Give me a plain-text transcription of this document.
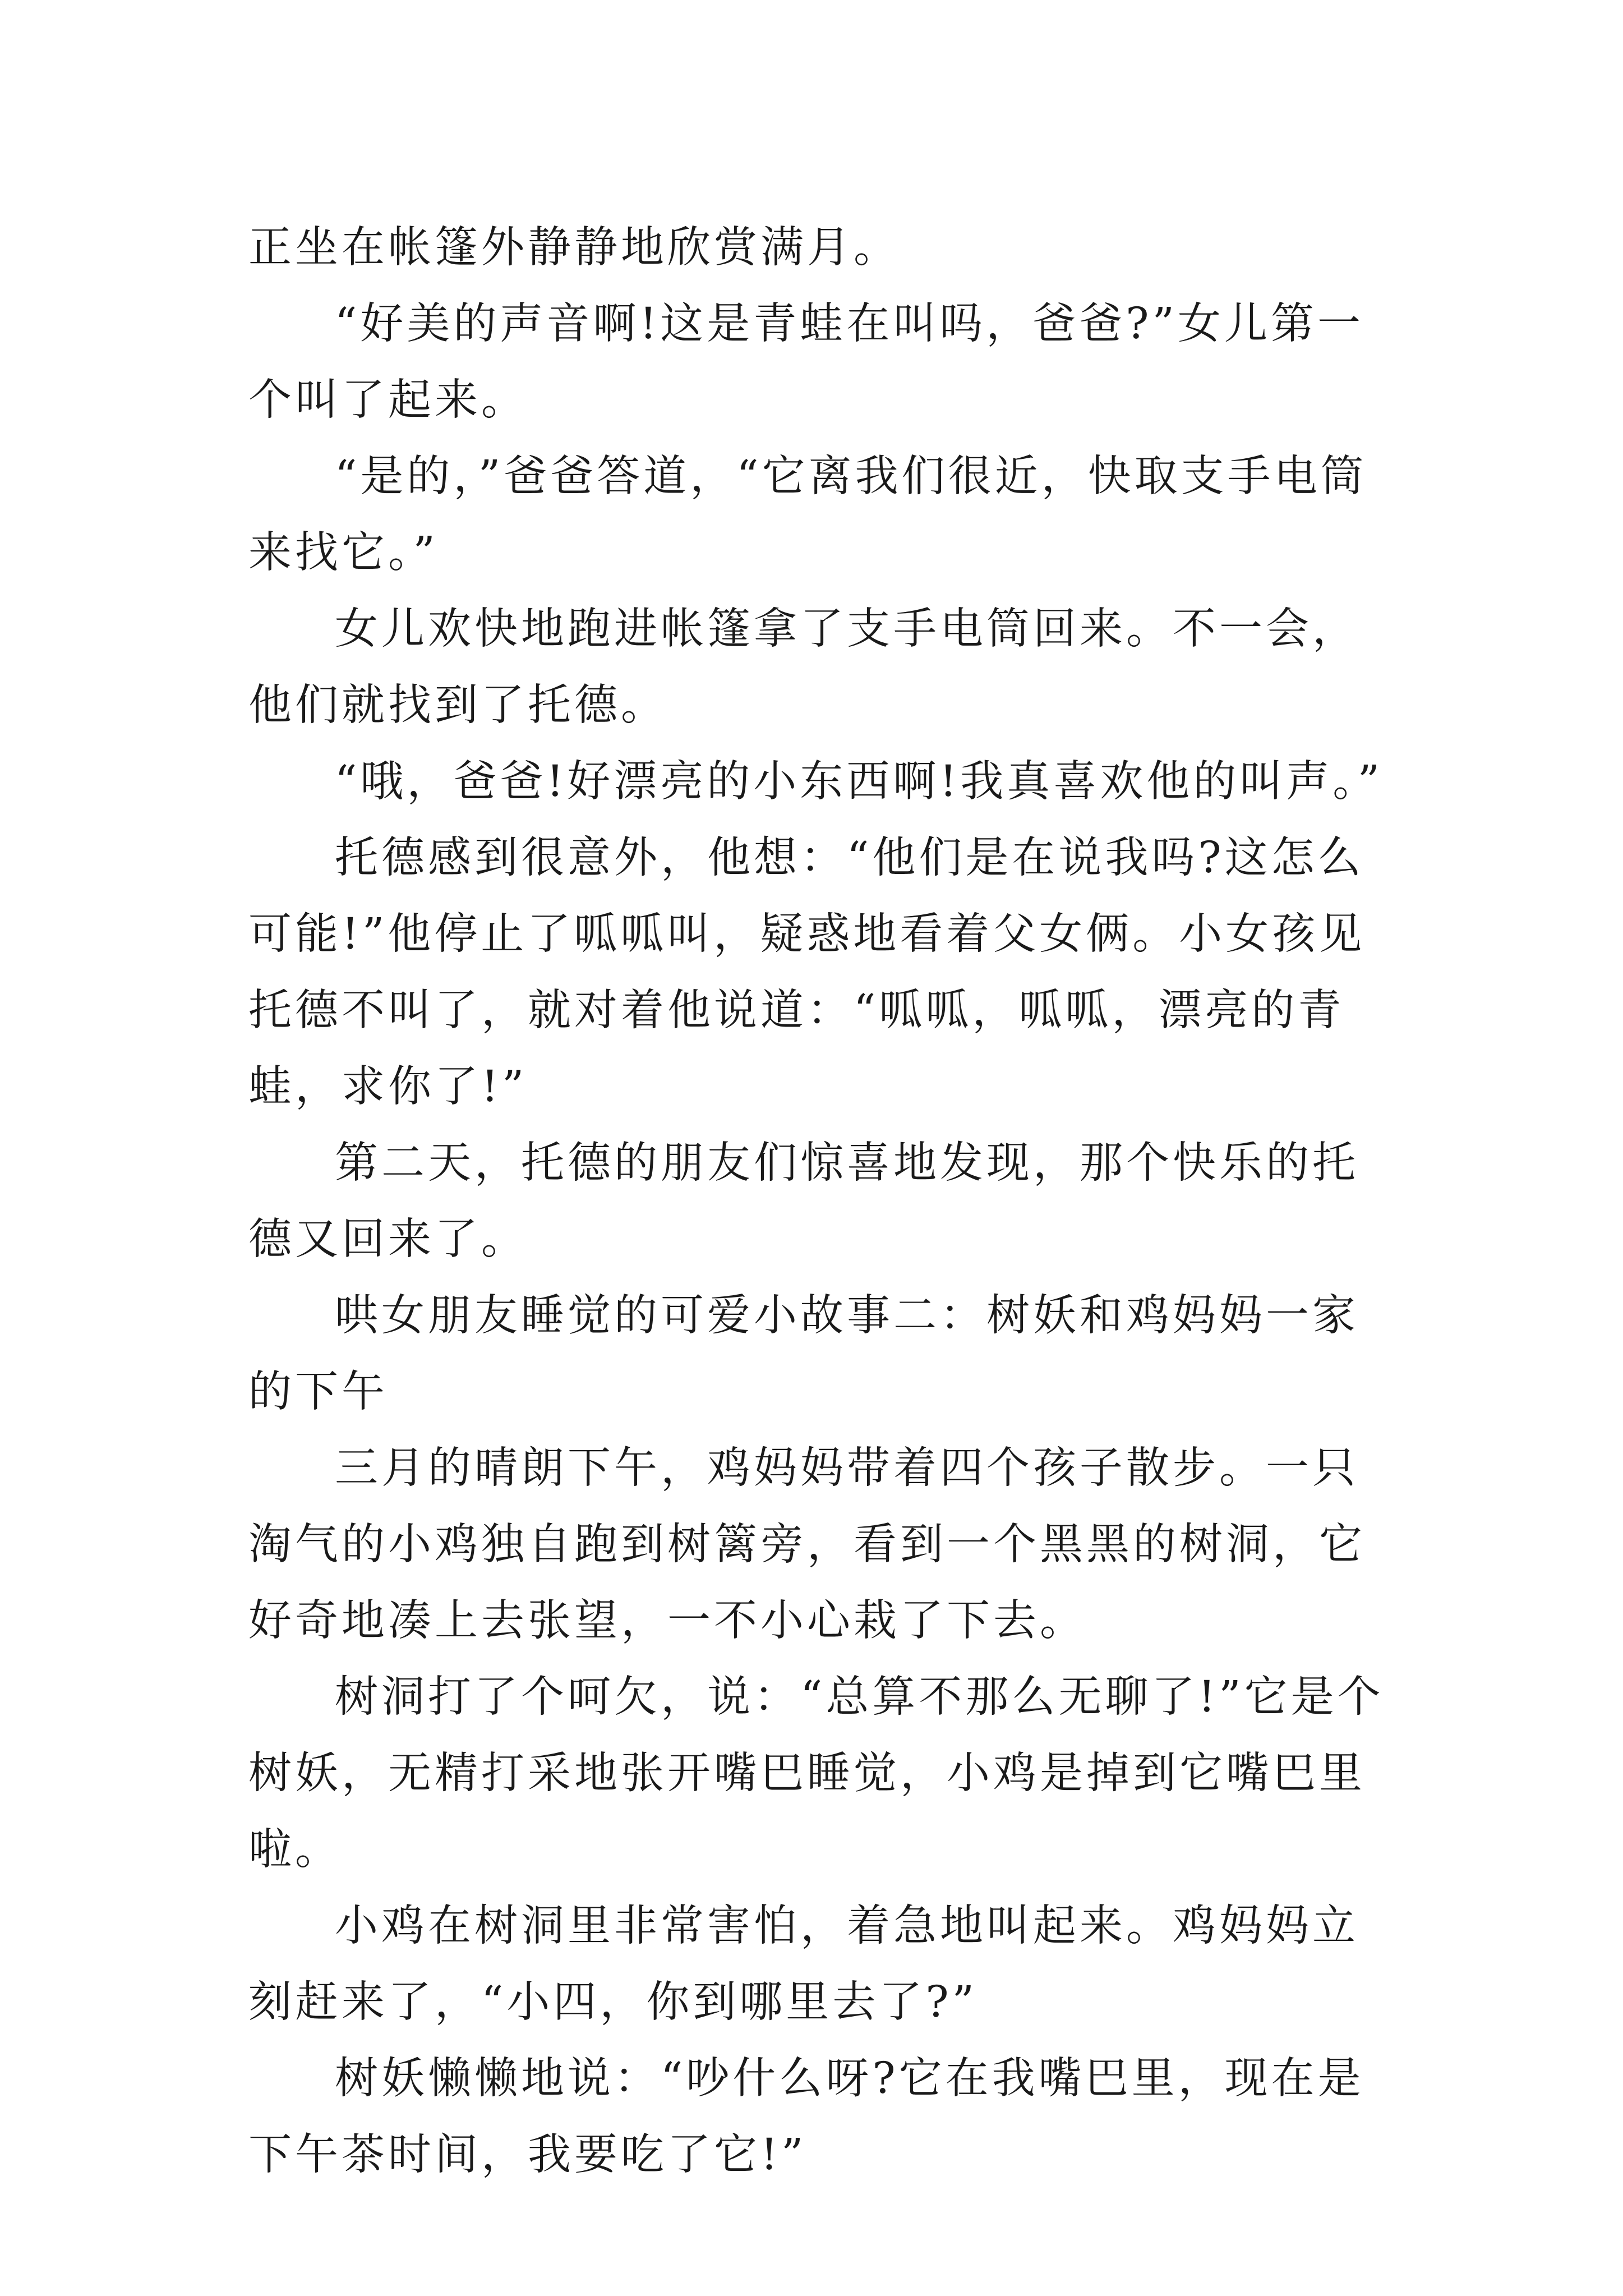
正坐在帐篷外静静地欣赏满月。

“好美的声音啊!这是青蛙在叫吗，爸爸?”女儿第一个叫了起来。

“是的，”爸爸答道，“它离我们很近，快取支手电筒来找它。”

女儿欢快地跑进帐篷拿了支手电筒回来。不一会，他们就找到了托德。

“哦，爸爸!好漂亮的小东西啊!我真喜欢他的叫声。”

托德感到很意外，他想：“他们是在说我吗?这怎么可能!”他停止了呱呱叫，疑惑地看着父女俩。小女孩见托德不叫了，就对着他说道：“呱呱，呱呱，漂亮的青蛙，求你了!”

第二天，托德的朋友们惊喜地发现，那个快乐的托德又回来了。

哄女朋友睡觉的可爱小故事二：树妖和鸡妈妈一家的下午

三月的晴朗下午，鸡妈妈带着四个孩子散步。一只淘气的小鸡独自跑到树篱旁，看到一个黑黑的树洞，它好奇地凑上去张望，一不小心栽了下去。

树洞打了个呵欠，说：“总算不那么无聊了!”它是个树妖，无精打采地张开嘴巴睡觉，小鸡是掉到它嘴巴里啦。

小鸡在树洞里非常害怕，着急地叫起来。鸡妈妈立刻赶来了，“小四，你到哪里去了?”

树妖懒懒地说：“吵什么呀?它在我嘴巴里，现在是下午茶时间，我要吃了它!”
